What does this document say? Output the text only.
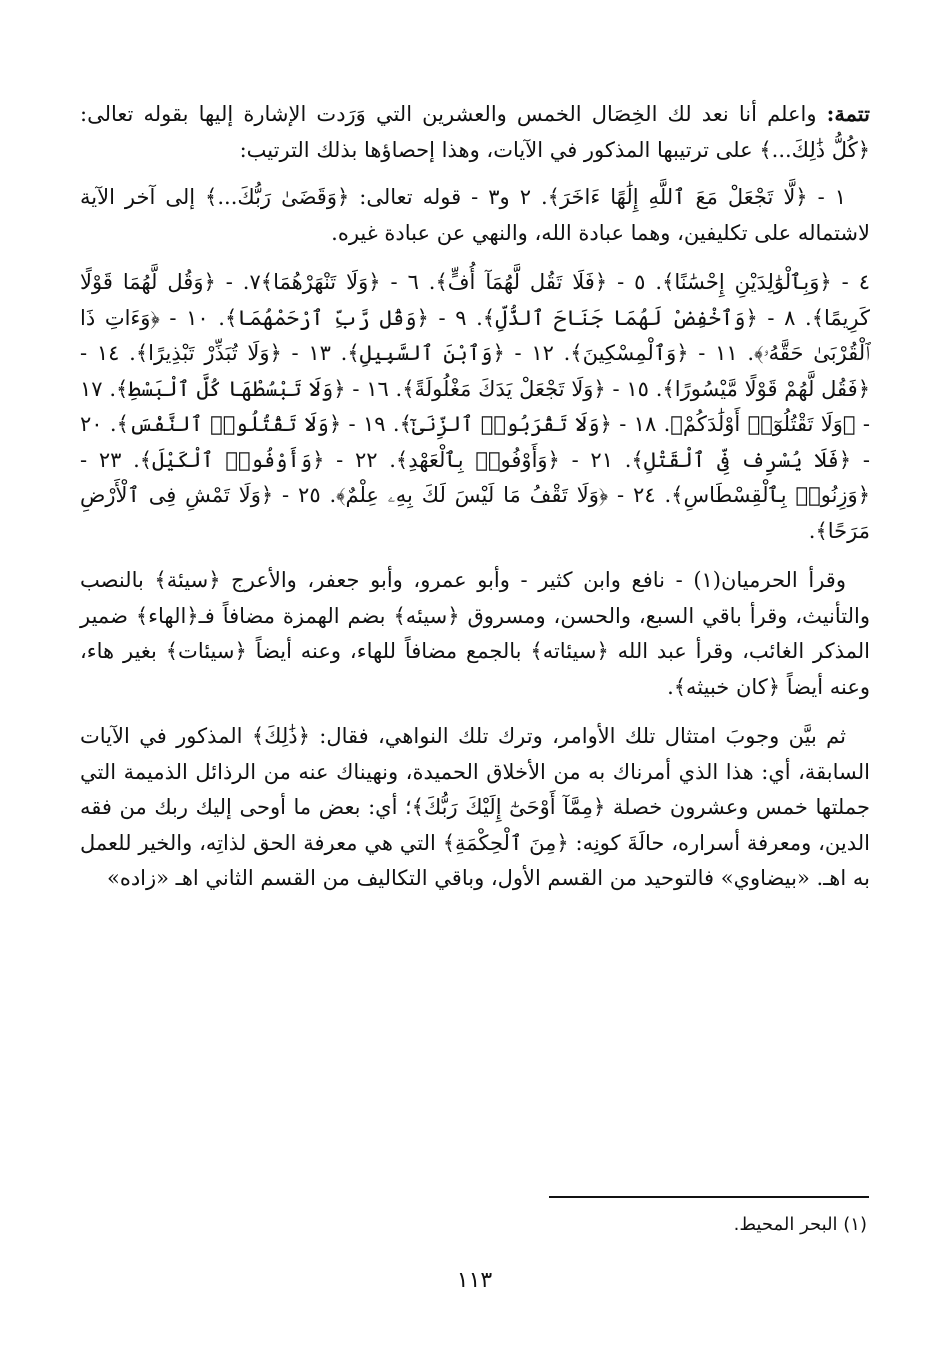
تتمة: واعلم أنا نعد لك الخِصَال الخمس والعشرين التي وَرَدت الإشارة إليها بقوله تعالى: ﴿كُلُّ ذَٰلِكَ...﴾ على ترتيبها المذكور في الآيات، وهذا إحصاؤها بذلك الترتيب:

١ - ﴿لَّا تَجْعَلْ مَعَ ٱللَّهِ إِلَٰهًا ءَاخَرَ﴾. ٢ و٣ - قوله تعالى: ﴿وَقَضَىٰ رَبُّكَ...﴾ إلى آخر الآية لاشتماله على تكليفين، وهما عبادة الله، والنهي عن عبادة غيره.

٤ - ﴿وَبِٱلْوَٰلِدَيْنِ إِحْسَٰنًا﴾. ٥ - ﴿فَلَا تَقُل لَّهُمَآ أُفٍّ﴾. ٦ - ﴿وَلَا تَنْهَرْهُمَا﴾٧. - ﴿وَقُل لَّهُمَا قَوْلًا كَرِيمًا﴾. ٨ - ﴿وَٱخْفِضْ لَهُمَا جَنَاحَ ٱلذُّلِّ﴾. ٩ - ﴿وَقُل رَّبِّ ٱرْحَمْهُمَا﴾. ١٠ - ﴿وَءَاتِ ذَا ٱلْقُرْبَىٰ حَقَّهُۥ﴾. ١١ - ﴿وَٱلْمِسْكِينَ﴾. ١٢ - ﴿وَٱبْنَ ٱلسَّبِيلِ﴾. ١٣ - ﴿وَلَا تُبَذِّرْ تَبْذِيرًا﴾. ١٤ - ﴿فَقُل لَّهُمْ قَوْلًا مَّيْسُورًا﴾. ١٥ - ﴿وَلَا تَجْعَلْ يَدَكَ مَغْلُولَةً﴾. ١٦ - ﴿وَلَا تَبْسُطْهَا كُلَّ ٱلْبَسْطِ﴾. ١٧ - ﴿وَلَا تَقْتُلُوٓا۟ أَوْلَٰدَكُمْ﴾. ١٨ - ﴿وَلَا تَقْرَبُوا۟ ٱلزِّنَىٰٓ﴾. ١٩ - ﴿وَلَا تَقْتُلُوا۟ ٱلنَّفْسَ﴾. ٢٠ - ﴿فَلَا يُسْرِف فِّى ٱلْقَتْلِ﴾. ٢١ - ﴿وَأَوْفُوا۟ بِٱلْعَهْدِ﴾. ٢٢ - ﴿وَأَوْفُوا۟ ٱلْكَيْلَ﴾. ٢٣ - ﴿وَزِنُوا۟ بِٱلْقِسْطَاسِ﴾. ٢٤ - ﴿وَلَا تَقْفُ مَا لَيْسَ لَكَ بِهِۦ عِلْمٌ﴾. ٢٥ - ﴿وَلَا تَمْشِ فِى ٱلْأَرْضِ مَرَحًا﴾.

وقرأ الحرميان(١) - نافع وابن كثير - وأبو عمرو، وأبو جعفر، والأعرج ﴿سيئة﴾ بالنصب والتأنيث، وقرأ باقي السبع، والحسن، ومسروق ﴿سيئه﴾ بضم الهمزة مضافاً فـ﴿الهاء﴾ ضمير المذكر الغائب، وقرأ عبد الله ﴿سيئاته﴾ بالجمع مضافاً للهاء، وعنه أيضاً ﴿سيئات﴾ بغير هاء، وعنه أيضاً ﴿كان خبيثه﴾.

ثم بيَّن وجوبَ امتثال تلك الأوامر، وترك تلك النواهي، فقال: ﴿ذَٰلِكَ﴾ المذكور في الآيات السابقة، أي: هذا الذي أمرناك به من الأخلاق الحميدة، ونهيناك عنه من الرذائل الذميمة التي جملتها خمس وعشرون خصلة ﴿مِمَّآ أَوْحَىٰٓ إِلَيْكَ رَبُّكَ﴾؛ أي: بعض ما أوحى إليك ربك من فقه الدين، ومعرفة أسراره، حالَةَ كونِه: ﴿مِنَ ٱلْحِكْمَةِ﴾ التي هي معرفة الحق لذاتِه، والخير للعمل به اهـ. «بيضاوي» فالتوحيد من القسم الأول، وباقي التكاليف من القسم الثاني اهـ «زاده»

(١) البحر المحيط.
١١٣
